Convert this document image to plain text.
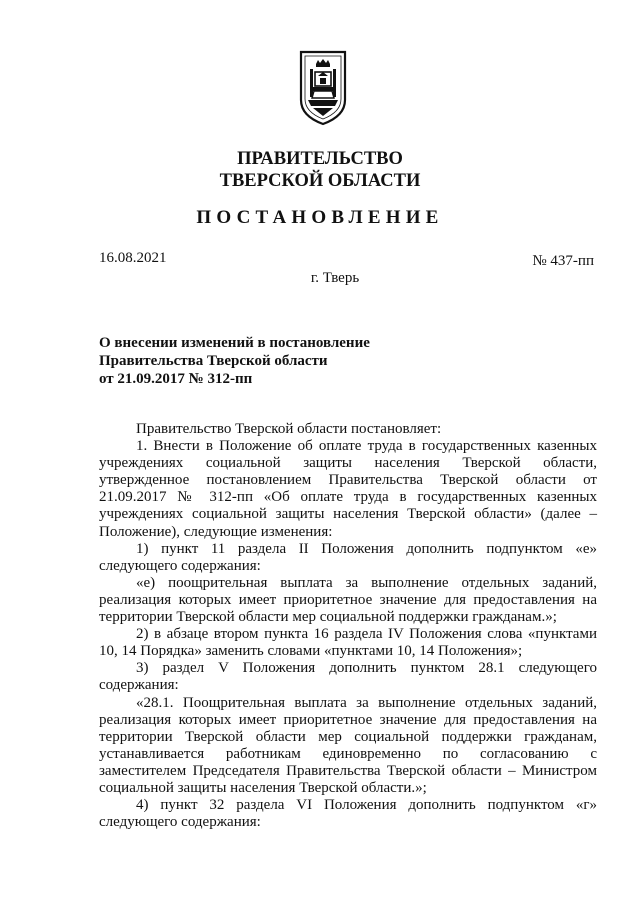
ПРАВИТЕЛЬСТВО
ТВЕРСКОЙ ОБЛАСТИ
ПОСТАНОВЛЕНИЕ
16.08.2021	№ 437-пп
г. Тверь
О внесении изменений в постановление
Правительства Тверской области
от 21.09.2017 № 312-пп

Правительство Тверской области постановляет:

1. Внести в Положение об оплате труда в государственных казенных учреждениях социальной защиты населения Тверской области, утвержденное постановлением Правительства Тверской области от 21.09.2017 № 312-пп «Об оплате труда в государственных казенных учреждениях социальной защиты населения Тверской области» (далее – Положение), следующие изменения:

1) пункт 11 раздела II Положения дополнить подпунктом «е» следующего содержания:

«е) поощрительная выплата за выполнение отдельных заданий, реализация которых имеет приоритетное значение для предоставления на территории Тверской области мер социальной поддержки гражданам.»;

2) в абзаце втором пункта 16 раздела IV Положения слова «пунктами 10, 14 Порядка» заменить словами «пунктами 10, 14 Положения»;

3) раздел V Положения дополнить пунктом 28.1 следующего содержания:

«28.1. Поощрительная выплата за выполнение отдельных заданий, реализация которых имеет приоритетное значение для предоставления на территории Тверской области мер социальной поддержки гражданам, устанавливается работникам единовременно по согласованию с заместителем Председателя Правительства Тверской области – Министром социальной защиты населения Тверской области.»;

4) пункт 32 раздела VI Положения дополнить подпунктом «г» следующего содержания:
